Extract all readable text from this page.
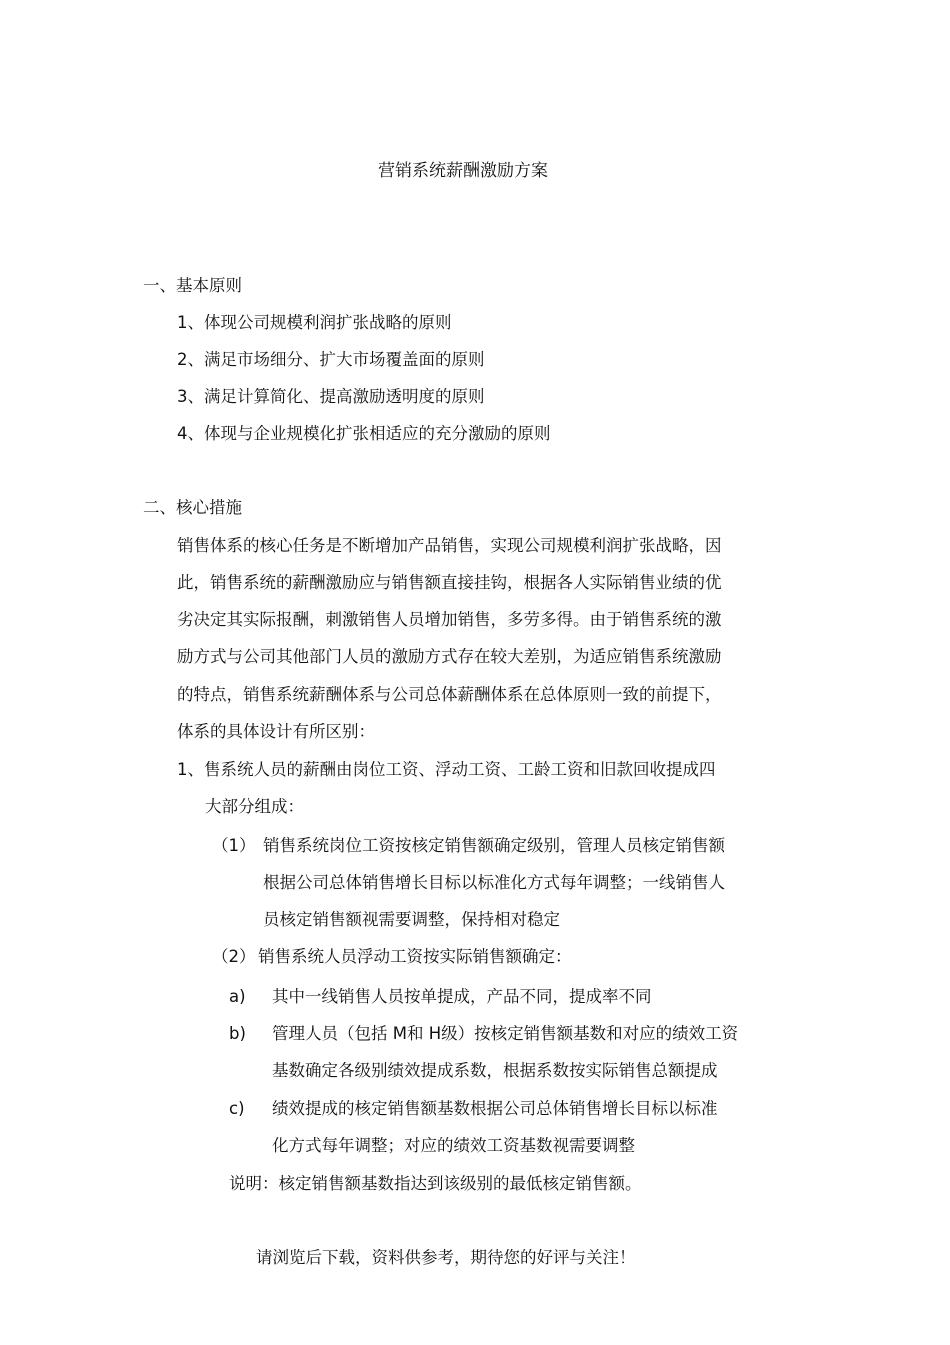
营销系统薪酬激励方案
一、基本原则
1、体现公司规模利润扩张战略的原则
2、满足市场细分、扩大市场覆盖面的原则
3、满足计算简化、提高激励透明度的原则
4、体现与企业规模化扩张相适应的充分激励的原则
二、核心措施
销售体系的核心任务是不断增加产品销售，实现公司规模利润扩张战略，因
此，销售系统的薪酬激励应与销售额直接挂钩，根据各人实际销售业绩的优
劣决定其实际报酬，刺激销售人员增加销售，多劳多得。由于销售系统的激
励方式与公司其他部门人员的激励方式存在较大差别，为适应销售系统激励
的特点，销售系统薪酬体系与公司总体薪酬体系在总体原则一致的前提下，
体系的具体设计有所区别：
1、售系统人员的薪酬由岗位工资、浮动工资、工龄工资和旧款回收提成四
大部分组成：
（1） 销售系统岗位工资按核定销售额确定级别，管理人员核定销售额
根据公司总体销售增长目标以标准化方式每年调整；一线销售人
员核定销售额视需要调整，保持相对稳定
（2） 销售系统人员浮动工资按实际销售额确定：
a) 其中一线销售人员按单提成，产品不同，提成率不同
b) 管理人员（包括 M和 H级）按核定销售额基数和对应的绩效工资
基数确定各级别绩效提成系数，根据系数按实际销售总额提成
c) 绩效提成的核定销售额基数根据公司总体销售增长目标以标准
化方式每年调整；对应的绩效工资基数视需要调整
说明：核定销售额基数指达到该级别的最低核定销售额。
请浏览后下载，资料供参考，期待您的好评与关注！
